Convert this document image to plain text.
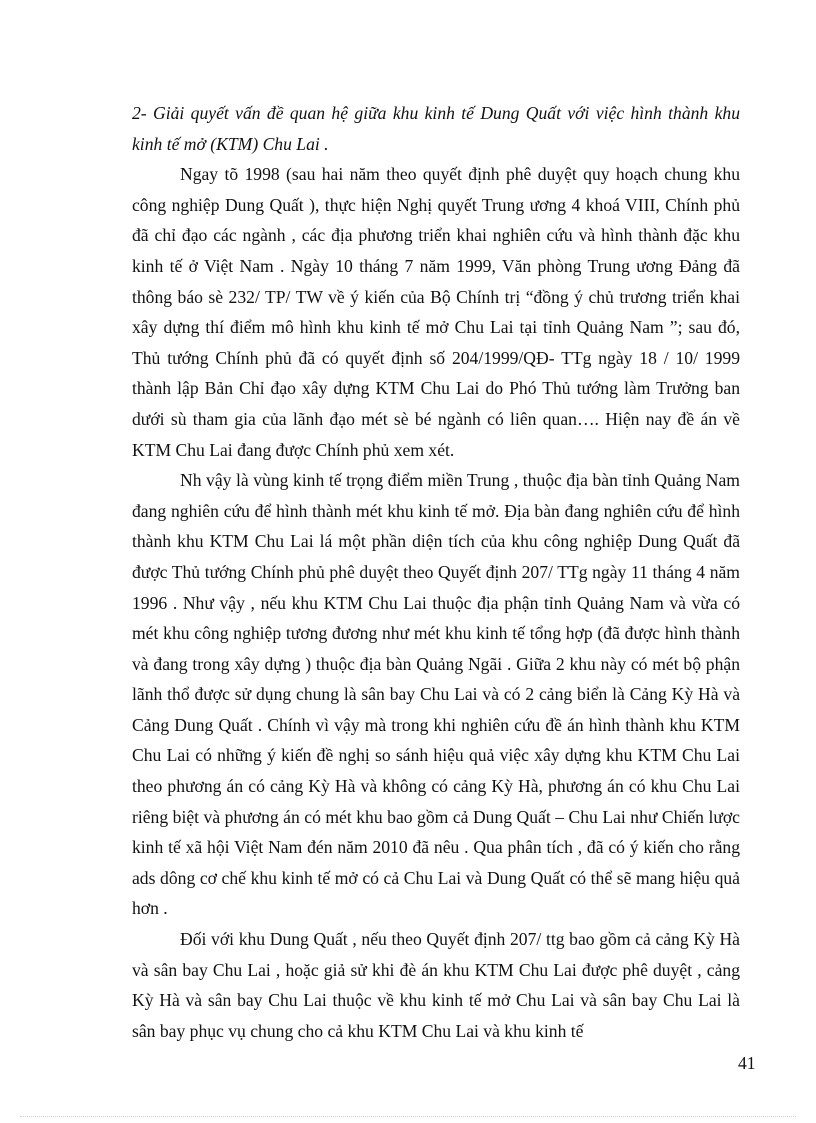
2- Giải quyết vấn đề quan hệ giữa khu kinh tế Dung Quất với việc hình thành khu kinh tế mở (KTM) Chu Lai .

Ngay tõ 1998 (sau hai năm theo quyết định phê duyệt quy hoạch chung khu công nghiệp Dung Quất ), thực hiện Nghị quyết Trung ương 4 khoá VIII, Chính phủ đã chỉ đạo các ngành , các địa phương triển khai nghiên cứu và hình thành đặc khu kinh tế ở Việt Nam . Ngày 10 tháng 7 năm 1999, Văn phòng Trung ương Đảng đã thông báo sè 232/ TP/ TW về ý kiến của Bộ Chính trị “đồng ý chủ trương triển khai xây dựng thí điểm mô hình khu kinh tế mở Chu Lai tại tỉnh Quảng Nam ”; sau đó, Thủ tướng Chính phủ đã có quyết định số 204/1999/QĐ- TTg ngày 18 / 10/ 1999 thành lập Bản Chỉ đạo xây dựng KTM Chu Lai do Phó Thủ tướng làm Trưởng ban dưới sù tham gia của lãnh đạo mét sè bé ngành có liên quan…. Hiện nay đề án về KTM Chu Lai đang được Chính phủ xem xét.

Nh vậy là vùng kinh tế trọng điểm miền Trung , thuộc địa bàn tỉnh Quảng Nam đang nghiên cứu để hình thành mét khu kinh tế mở. Địa bàn đang nghiên cứu để hình thành khu KTM Chu Lai lá một phần diện tích của khu công nghiệp Dung Quất đã được Thủ tướng Chính phủ phê duyệt theo Quyết định 207/ TTg ngày 11 tháng 4 năm 1996 . Như vậy , nếu khu KTM Chu Lai thuộc địa phận tỉnh Quảng Nam và vừa có mét khu công nghiệp tương đương như mét khu kinh tế tổng hợp (đã được hình thành và đang trong xây dựng ) thuộc địa bàn Quảng Ngãi . Giữa 2 khu này có mét bộ phận lãnh thổ được sử dụng chung là sân bay Chu Lai và có 2 cảng biển là Cảng Kỳ Hà và Cảng Dung Quất . Chính vì vậy mà trong khi nghiên cứu đề án hình thành khu KTM Chu Lai có những ý kiến đề nghị so sánh hiệu quả việc xây dựng khu KTM Chu Lai theo phương án có cảng Kỳ Hà và không có cảng Kỳ Hà, phương án có khu Chu Lai riêng biệt và phương án có mét khu bao gồm cả Dung Quất – Chu Lai như Chiến lược kinh tế xã hội Việt Nam đén năm 2010 đã nêu . Qua phân tích , đã có ý kiến cho rằng ads dông cơ chế khu kinh tế mở có cả Chu Lai và Dung Quất có thể sẽ mang hiệu quả hơn .

Đối với khu Dung Quất , nếu theo Quyết định 207/ ttg bao gồm cả cảng Kỳ Hà và sân bay Chu Lai , hoặc giả sử khi đè án khu KTM Chu Lai được phê duyệt , cảng Kỳ Hà và sân bay Chu Lai thuộc về khu kinh tế mở Chu Lai và sân bay Chu Lai là sân bay phục vụ chung cho cả khu KTM Chu Lai và khu kinh tế

41
